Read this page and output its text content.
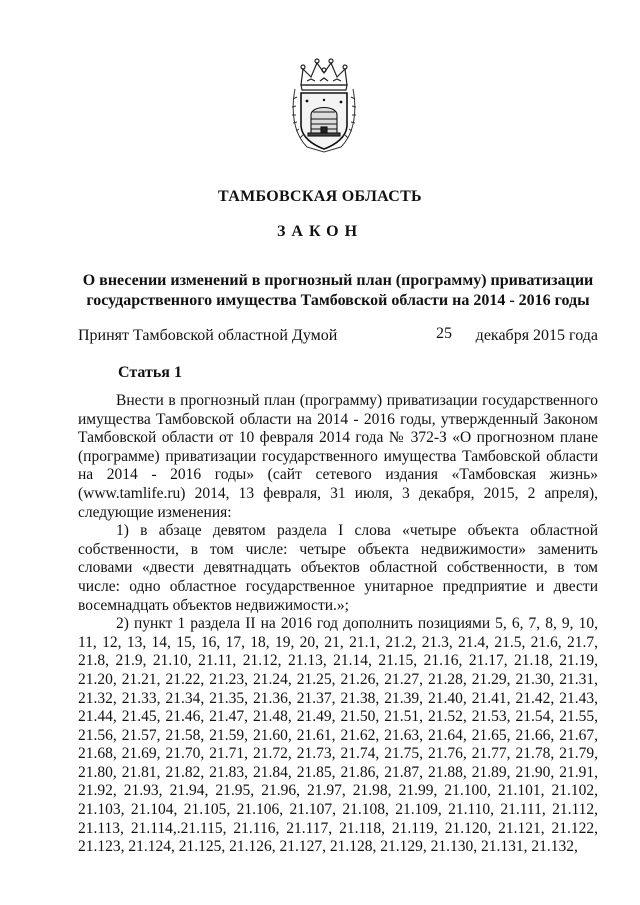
ТАМБОВСКАЯ ОБЛАСТЬ
ЗАКОН
О внесении изменений в прогнозный план (программу) приватизации
государственного имущества Тамбовской области на 2014 - 2016 годы
Принят Тамбовской областной Думой	25 декабря 2015 года
Статья 1

Внести в прогнозный план (программу) приватизации государственного имущества Тамбовской области на 2014 - 2016 годы, утвержденный Законом Тамбовской области от 10 февраля 2014 года № 372-З «О прогнозном плане (программе) приватизации государственного имущества Тамбовской области на 2014 - 2016 годы» (сайт сетевого издания «Тамбовская жизнь» (www.tamlife.ru) 2014, 13 февраля, 31 июля, 3 декабря, 2015, 2 апреля), следующие изменения:

1) в абзаце девятом раздела I слова «четыре объекта областной собственности, в том числе: четыре объекта недвижимости» заменить словами «двести девятнадцать объектов областной собственности, в том числе: одно областное государственное унитарное предприятие и двести восемнадцать объектов недвижимости.»;

2) пункт 1 раздела II на 2016 год дополнить позициями 5, 6, 7, 8, 9, 10, 11, 12, 13, 14, 15, 16, 17, 18, 19, 20, 21, 21.1, 21.2, 21.3, 21.4, 21.5, 21.6, 21.7, 21.8, 21.9, 21.10, 21.11, 21.12, 21.13, 21.14, 21.15, 21.16, 21.17, 21.18, 21.19, 21.20, 21.21, 21.22, 21.23, 21.24, 21.25, 21.26, 21.27, 21.28, 21.29, 21.30, 21.31, 21.32, 21.33, 21.34, 21.35, 21.36, 21.37, 21.38, 21.39, 21.40, 21.41, 21.42, 21.43, 21.44, 21.45, 21.46, 21.47, 21.48, 21.49, 21.50, 21.51, 21.52, 21.53, 21.54, 21.55, 21.56, 21.57, 21.58, 21.59, 21.60, 21.61, 21.62, 21.63, 21.64, 21.65, 21.66, 21.67, 21.68, 21.69, 21.70, 21.71, 21.72, 21.73, 21.74, 21.75, 21.76, 21.77, 21.78, 21.79, 21.80, 21.81, 21.82, 21.83, 21.84, 21.85, 21.86, 21.87, 21.88, 21.89, 21.90, 21.91, 21.92, 21.93, 21.94, 21.95, 21.96, 21.97, 21.98, 21.99, 21.100, 21.101, 21.102, 21.103, 21.104, 21.105, 21.106, 21.107, 21.108, 21.109, 21.110, 21.111, 21.112, 21.113, 21.114,.21.115, 21.116, 21.117, 21.118, 21.119, 21.120, 21.121, 21.122, 21.123, 21.124, 21.125, 21.126, 21.127, 21.128, 21.129, 21.130, 21.131, 21.132,
